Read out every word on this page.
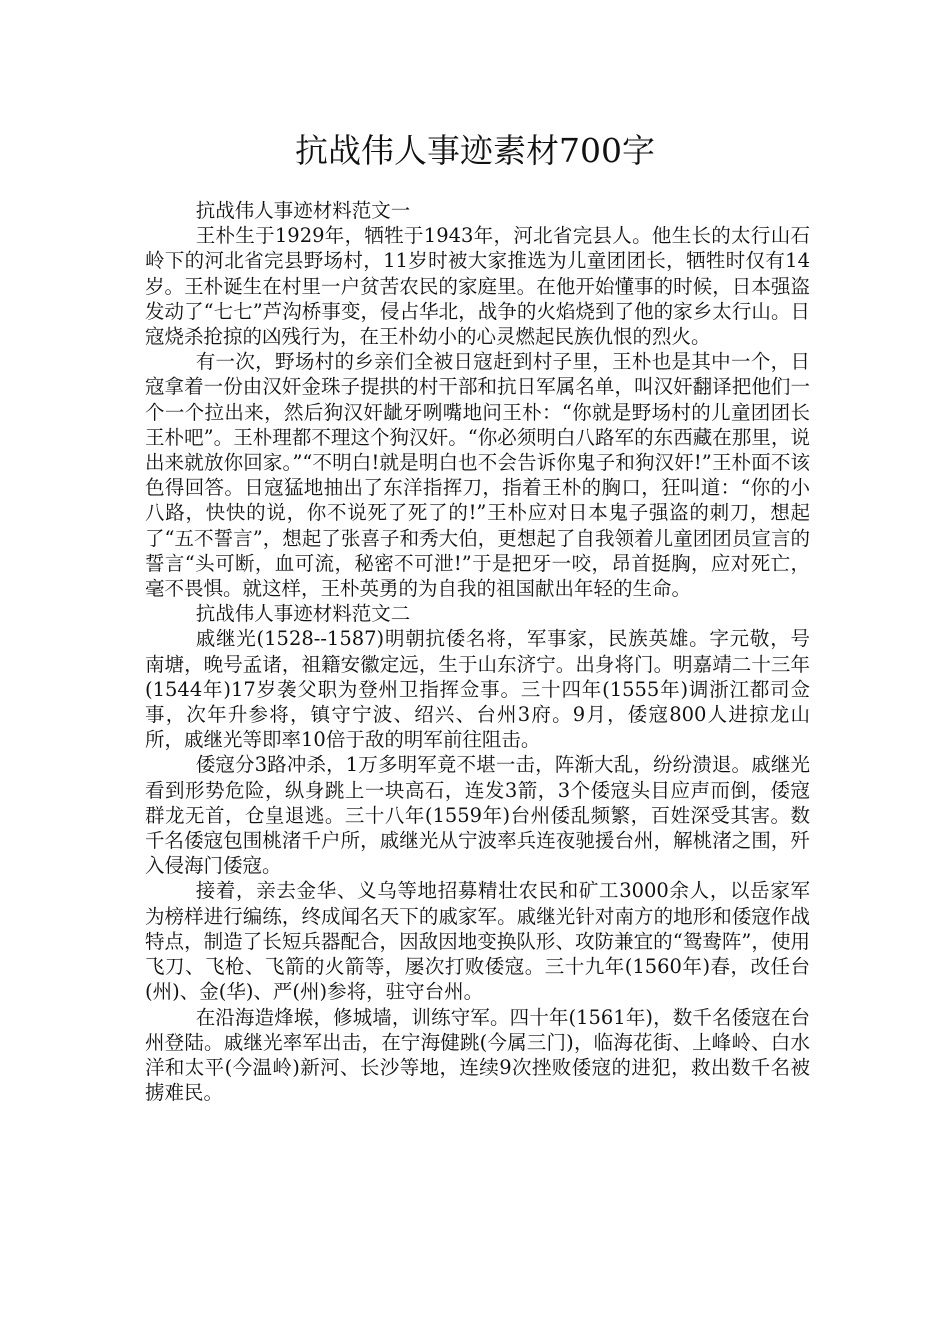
抗战伟人事迹素材700字

抗战伟人事迹材料范文一

王朴生于1929年，牺牲于1943年，河北省完县人。他生长的太行山石岭下的河北省完县野场村，11岁时被大家推选为儿童团团长，牺牲时仅有14岁。王朴诞生在村里一户贫苦农民的家庭里。在他开始懂事的时候，日本强盗发动了“七七”芦沟桥事变，侵占华北，战争的火焰烧到了他的家乡太行山。日寇烧杀抢掠的凶残行为，在王朴幼小的心灵燃起民族仇恨的烈火。

有一次，野场村的乡亲们全被日寇赶到村子里，王朴也是其中一个，日寇拿着一份由汉奸金珠子提拱的村干部和抗日军属名单，叫汉奸翻译把他们一个一个拉出来，然后狗汉奸龇牙咧嘴地问王朴：“你就是野场村的儿童团团长王朴吧”。王朴理都不理这个狗汉奸。“你必须明白八路军的东西藏在那里，说出来就放你回家。”“不明白!就是明白也不会告诉你鬼子和狗汉奸!”王朴面不该色得回答。日寇猛地抽出了东洋指挥刀，指着王朴的胸口，狂叫道：“你的小八路，快快的说，你不说死了死了的!”王朴应对日本鬼子强盗的刺刀，想起了“五不誓言”，想起了张喜子和秀大伯，更想起了自我领着儿童团团员宣言的誓言“头可断，血可流，秘密不可泄!”于是把牙一咬，昂首挺胸，应对死亡，毫不畏惧。就这样，王朴英勇的为自我的祖国献出年轻的生命。

抗战伟人事迹材料范文二

戚继光(1528--1587)明朝抗倭名将，军事家，民族英雄。字元敬，号南塘，晚号孟诸，祖籍安徽定远，生于山东济宁。出身将门。明嘉靖二十三年(1544年)17岁袭父职为登州卫指挥佥事。三十四年(1555年)调浙江都司佥事，次年升参将，镇守宁波、绍兴、台州3府。9月，倭寇800人进掠龙山所，戚继光等即率10倍于敌的明军前往阻击。

倭寇分3路冲杀，1万多明军竟不堪一击，阵渐大乱，纷纷溃退。戚继光看到形势危险，纵身跳上一块高石，连发3箭，3个倭寇头目应声而倒，倭寇群龙无首，仓皇退逃。三十八年(1559年)台州倭乱频繁，百姓深受其害。数千名倭寇包围桃渚千户所，戚继光从宁波率兵连夜驰援台州，解桃渚之围，歼入侵海门倭寇。

接着，亲去金华、义乌等地招募精壮农民和矿工3000余人，以岳家军为榜样进行编练，终成闻名天下的戚家军。戚继光针对南方的地形和倭寇作战特点，制造了长短兵器配合，因敌因地变换队形、攻防兼宜的“鸳鸯阵”，使用飞刀、飞枪、飞箭的火箭等，屡次打败倭寇。三十九年(1560年)春，改任台(州)、金(华)、严(州)参将，驻守台州。

在沿海造烽堠，修城墙，训练守军。四十年(1561年)，数千名倭寇在台州登陆。戚继光率军出击，在宁海健跳(今属三门)，临海花街、上峰岭、白水洋和太平(今温岭)新河、长沙等地，连续9次挫败倭寇的进犯，救出数千名被掳难民。
